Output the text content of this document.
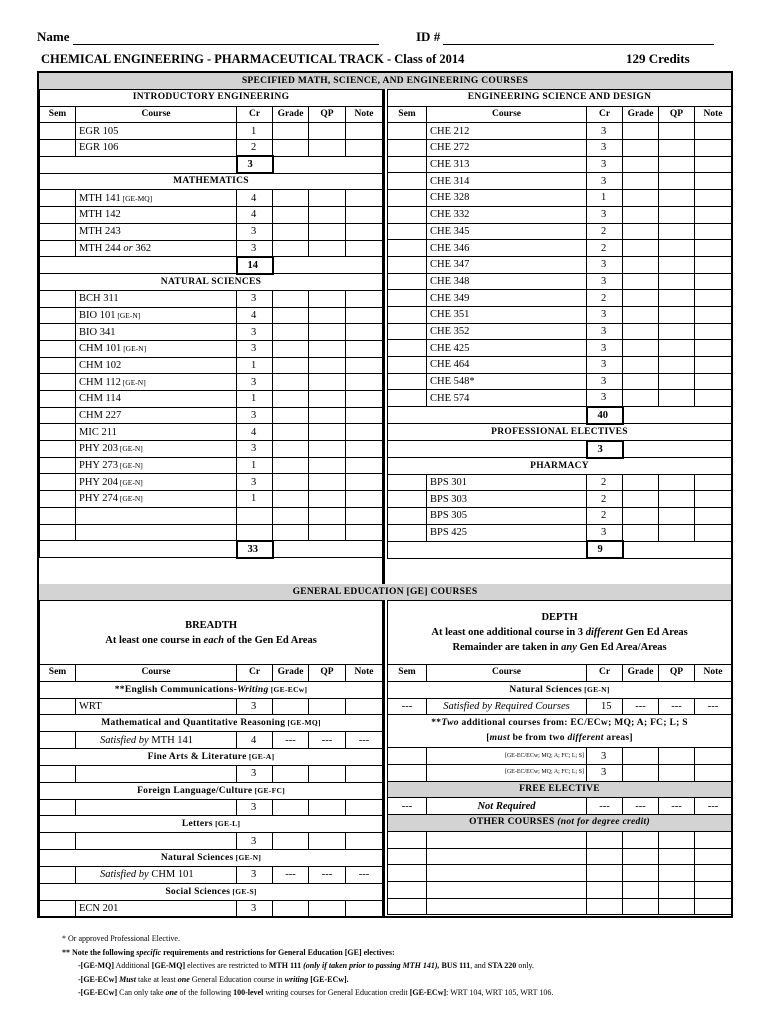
Name	ID #
CHEMICAL ENGINEERING - PHARMACEUTICAL TRACK - Class of 2014	129 Credits
SPECIFIED MATH, SCIENCE, AND ENGINEERING COURSES
INTRODUCTORY ENGINEERING					
Sem	Course	Cr	Grade	QP	Note
	EGR 105	1			
	EGR 106	2			
		3			
MATHEMATICS					
	MTH 141 [GE-MQ]	4			
	MTH 142	4			
	MTH 243	3			
	MTH 244 or 362	3			
		14			
NATURAL SCIENCES					
	BCH 311	3			
	BIO 101 [GE-N]	4			
	BIO 341	3			
	CHM 101 [GE-N]	3			
	CHM 102	1			
	CHM 112 [GE-N]	3			
	CHM 114	1			
	CHM 227	3			
	MIC 211	4			
	PHY 203 [GE-N]	3			
	PHY 273 [GE-N]	1			
	PHY 204 [GE-N]	3			
	PHY 274 [GE-N]	1			

		33			
ENGINEERING SCIENCE AND DESIGN					
Sem	Course	Cr	Grade	QP	Note
	CHE 212	3			
	CHE 272	3			
	CHE 313	3			
	CHE 314	3			
	CHE 328	1			
	CHE 332	3			
	CHE 345	2			
	CHE 346	2			
	CHE 347	3			
	CHE 348	3			
	CHE 349	2			
	CHE 351	3			
	CHE 352	3			
	CHE 425	3			
	CHE 464	3			
	CHE 548*	3			
	CHE 574	3			
		40			
PROFESSIONAL ELECTIVES					
		3			
PHARMACY					
	BPS 301	2			
	BPS 303	2			
	BPS 305	2			
	BPS 425	3			
		9			
GENERAL EDUCATION [GE] COURSES
BREADTH
At least one course in each of the Gen Ed Areas					
Sem	Course	Cr	Grade	QP	Note
**English Communications-Writing [GE-ECw]					
	WRT	3			
Mathematical and Quantitative Reasoning [GE-MQ]					
	Satisfied by MTH 141	4	---	---	---
Fine Arts & Literature [GE-A]					
		3			
Foreign Language/Culture [GE-FC]					
		3			
Letters [GE-L]					
		3			
Natural Sciences [GE-N]					
	Satisfied by CHM 101	3	---	---	---
Social Sciences [GE-S]					
	ECN 201	3			
DEPTH
At least one additional course in 3 different Gen Ed Areas
Remainder are taken in any Gen Ed Area/Areas					
Sem	Course	Cr	Grade	QP	Note
Natural Sciences [GE-N]					
---	Satisfied by Required Courses	15	---	---	---
**Two additional courses from: EC/ECw; MQ; A; FC; L; S
[must be from two different areas]					
	[GE-EC/ECw; MQ; A; FC; L; S]	3			
	[GE-EC/ECw; MQ; A; FC; L; S]	3			
FREE ELECTIVE					
---	Not Required	---	---	---	---
OTHER COURSES (not for degree credit)					

* Or approved Professional Elective.
** Note the following specific requirements and restrictions for General Education [GE] electives:
-[GE-MQ] Additional [GE-MQ] electives are restricted to MTH 111 (only if taken prior to passing MTH 141), BUS 111, and STA 220 only.
-[GE-ECw] Must take at least one General Education course in writing [GE-ECw].
-[GE-ECw] Can only take one of the following 100-level writing courses for General Education credit [GE-ECw]: WRT 104, WRT 105, WRT 106.
